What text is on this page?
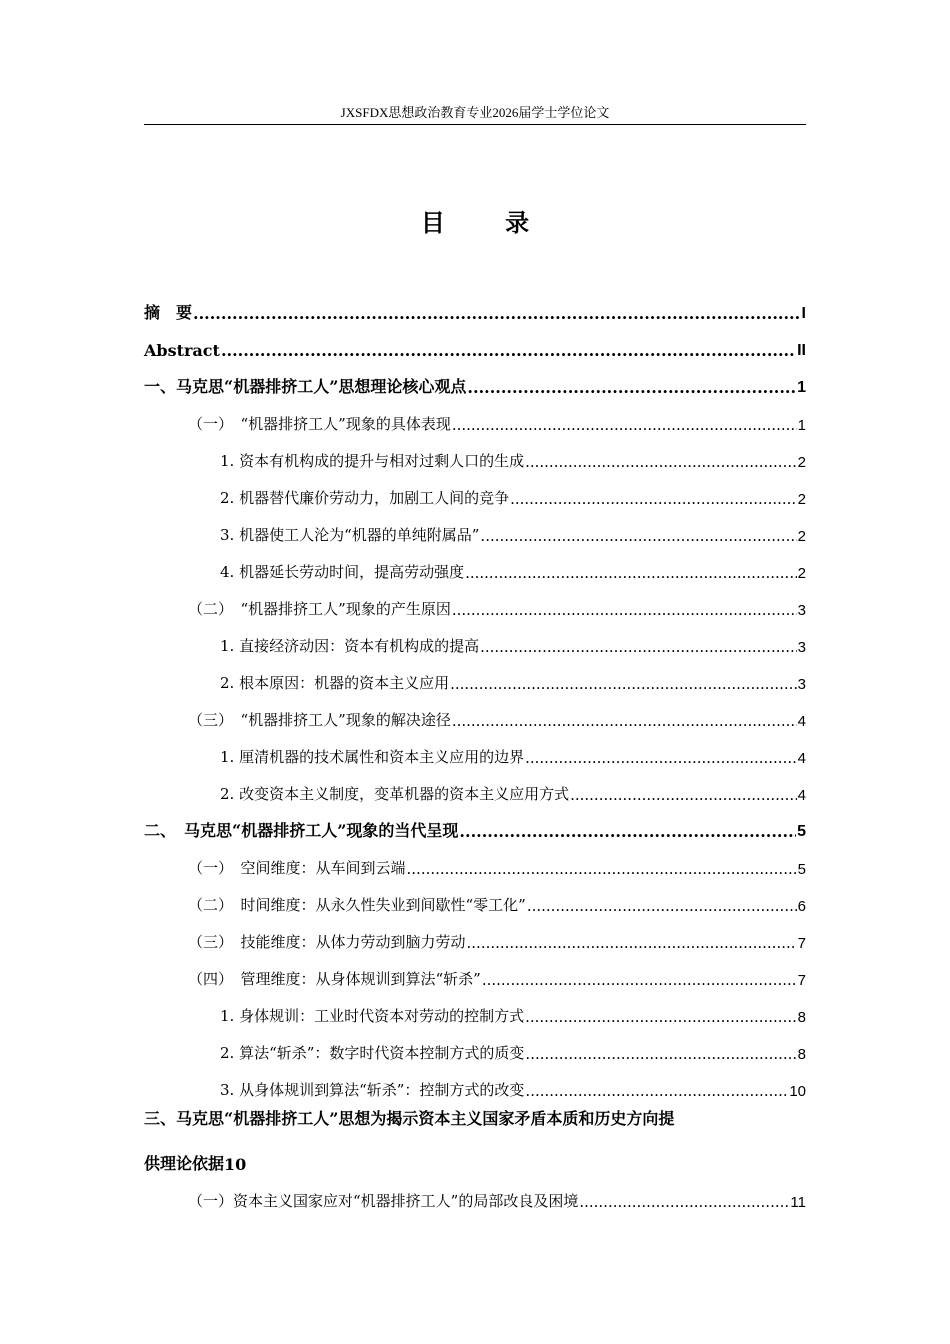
JXSFDX思想政治教育专业2026届学士学位论文
目 录
摘　要 .....	I
Abstract .....	II
一、马克思“机器排挤工人”思想理论核心观点 .....	1
（一）　“机器排挤工人”现象的具体表现 .....	1
1. 资本有机构成的提升与相对过剩人口的生成 .....	2
2. 机器替代廉价劳动力，加剧工人间的竞争 .....	2
3. 机器使工人沦为“机器的单纯附属品” .....	2
4. 机器延长劳动时间，提高劳动强度 .....	2
（二）　“机器排挤工人”现象的产生原因 .....	3
1. 直接经济动因：资本有机构成的提高 .....	3
2. 根本原因：机器的资本主义应用 .....	3
（三）　“机器排挤工人”现象的解决途径 .....	4
1. 厘清机器的技术属性和资本主义应用的边界 .....	4
2. 改变资本主义制度，变革机器的资本主义应用方式 .....	4
二、　马克思“机器排挤工人”现象的当代呈现 .....	5
（一）　空间维度：从车间到云端 .....	5
（二）　时间维度：从永久性失业到间歇性“零工化” .....	6
（三）　技能维度：从体力劳动到脑力劳动 .....	7
（四）　管理维度：从身体规训到算法“斩杀” .....	7
1. 身体规训：工业时代资本对劳动的控制方式 .....	8
2. 算法“斩杀”：数字时代资本控制方式的质变 .....	8
3. 从身体规训到算法“斩杀”：控制方式的改变 .....	10
三、马克思“机器排挤工人”思想为揭示资本主义国家矛盾本质和历史方向提
供理论依据 10
（一）资本主义国家应对“机器排挤工人”的局部改良及困境 .....	11
